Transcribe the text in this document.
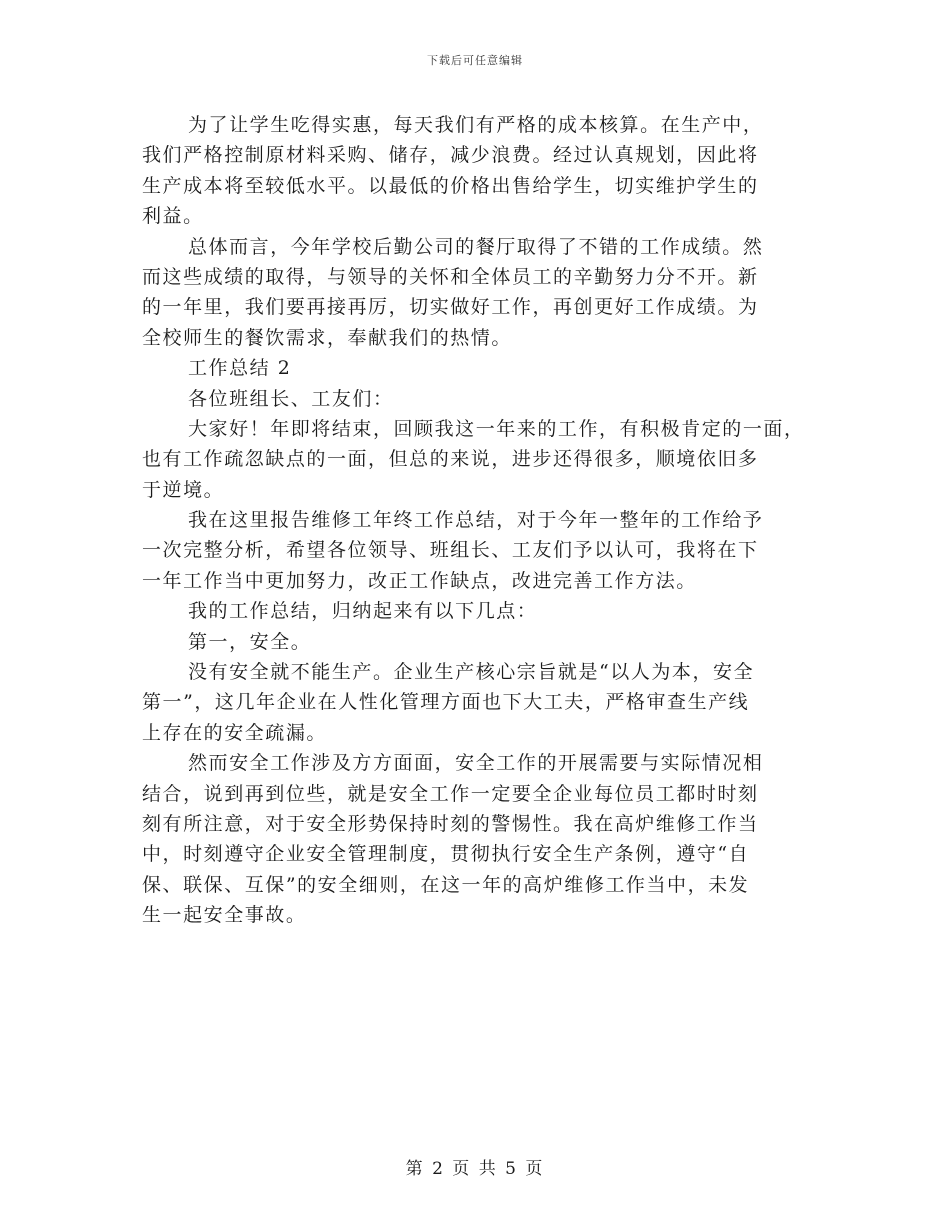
下载后可任意编辑
为了让学生吃得实惠，每天我们有严格的成本核算。在生产中，
我们严格控制原材料采购、储存，减少浪费。经过认真规划，因此将
生产成本将至较低水平。以最低的价格出售给学生，切实维护学生的
利益。
总体而言，今年学校后勤公司的餐厅取得了不错的工作成绩。然
而这些成绩的取得，与领导的关怀和全体员工的辛勤努力分不开。新
的一年里，我们要再接再厉，切实做好工作，再创更好工作成绩。为
全校师生的餐饮需求，奉献我们的热情。
工作总结 2
各位班组长、工友们：
大家好！年即将结束，回顾我这一年来的工作，有积极肯定的一面，
也有工作疏忽缺点的一面，但总的来说，进步还得很多，顺境依旧多
于逆境。
我在这里报告维修工年终工作总结，对于今年一整年的工作给予
一次完整分析，希望各位领导、班组长、工友们予以认可，我将在下
一年工作当中更加努力，改正工作缺点，改进完善工作方法。
我的工作总结，归纳起来有以下几点：
第一，安全。
没有安全就不能生产。企业生产核心宗旨就是“以人为本，安全
第一”，这几年企业在人性化管理方面也下大工夫，严格审查生产线
上存在的安全疏漏。
然而安全工作涉及方方面面，安全工作的开展需要与实际情况相
结合，说到再到位些，就是安全工作一定要全企业每位员工都时时刻
刻有所注意，对于安全形势保持时刻的警惕性。我在高炉维修工作当
中，时刻遵守企业安全管理制度，贯彻执行安全生产条例，遵守“自
保、联保、互保”的安全细则，在这一年的高炉维修工作当中，未发
生一起安全事故。
第 2 页 共 5 页
